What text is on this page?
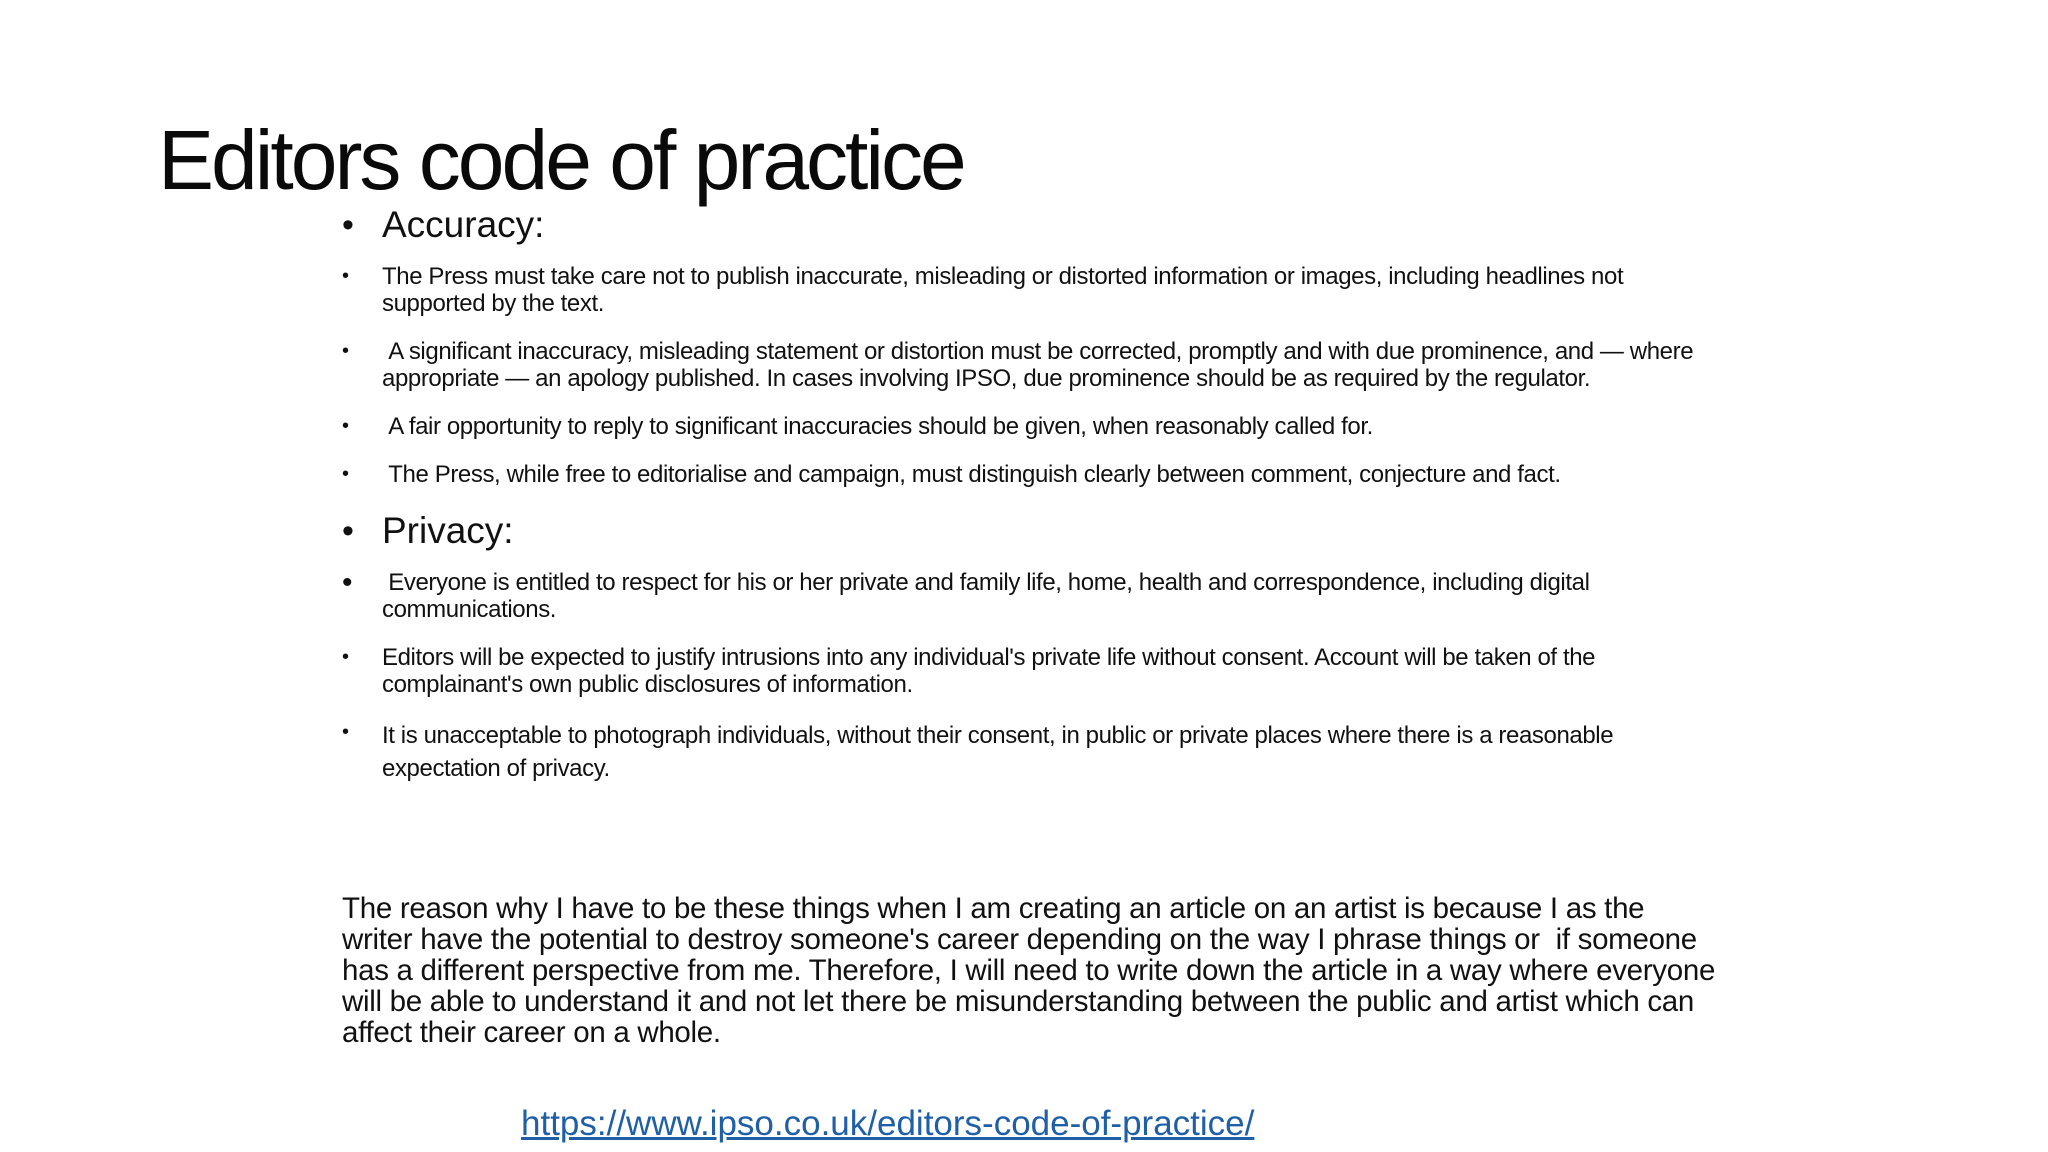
Editors code of practice

• Accuracy:

• The Press must take care not to publish inaccurate, misleading or distorted information or images, including headlines not supported by the text.

• A significant inaccuracy, misleading statement or distortion must be corrected, promptly and with due prominence, and — where appropriate — an apology published. In cases involving IPSO, due prominence should be as required by the regulator.

• A fair opportunity to reply to significant inaccuracies should be given, when reasonably called for.

• The Press, while free to editorialise and campaign, must distinguish clearly between comment, conjecture and fact.

• Privacy:

• Everyone is entitled to respect for his or her private and family life, home, health and correspondence, including digital communications.

• Editors will be expected to justify intrusions into any individual's private life without consent. Account will be taken of the complainant's own public disclosures of information.

• It is unacceptable to photograph individuals, without their consent, in public or private places where there is a reasonable expectation of privacy.

The reason why I have to be these things when I am creating an article on an artist is because I as the writer have the potential to destroy someone's career depending on the way I phrase things or  if someone has a different perspective from me. Therefore, I will need to write down the article in a way where everyone will be able to understand it and not let there be misunderstanding between the public and artist which can affect their career on a whole.

https://www.ipso.co.uk/editors-code-of-practice/
